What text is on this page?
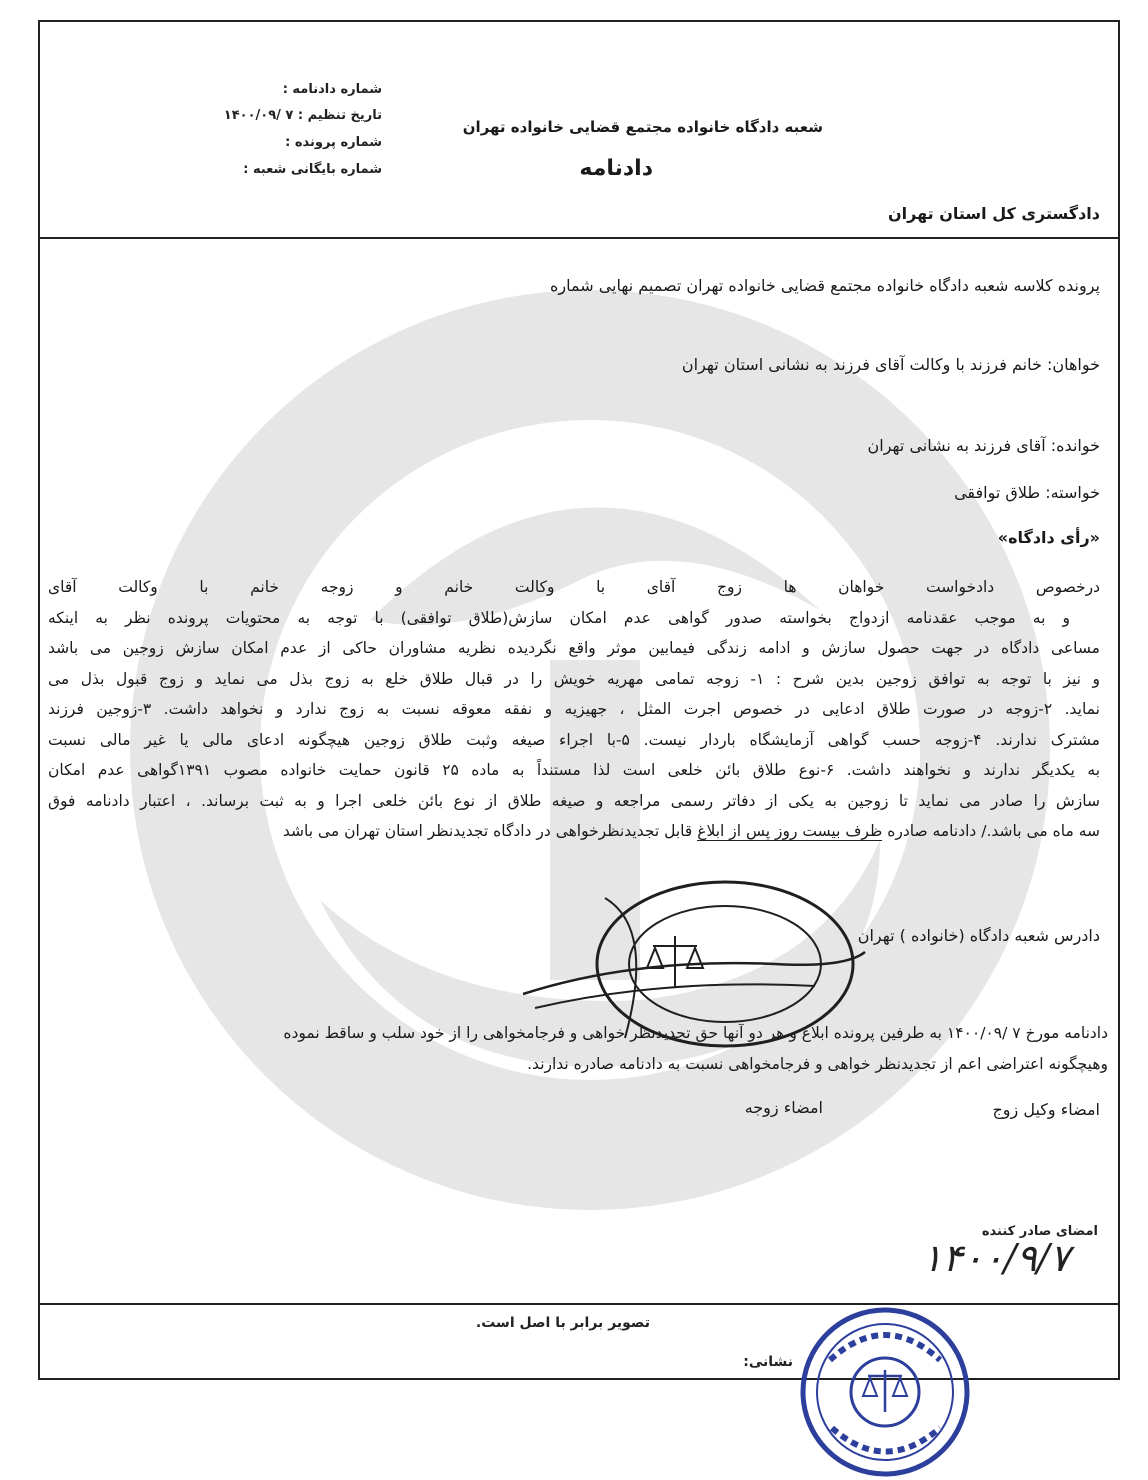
شماره دادنامه :
تاریخ تنظیم : ۷ /۱۴۰۰/۰۹
شماره پرونده :
شماره بایگانی شعبه :
شعبه دادگاه خانواده مجتمع قضایی خانواده تهران
دادنامه
دادگستری کل استان تهران
پرونده کلاسه شعبه دادگاه خانواده مجتمع قضایی خانواده تهران تصمیم نهایی شماره
خواهان: خانم فرزند با وکالت آقای فرزند به نشانی استان تهران
خوانده: آقای فرزند به نشانی تهران
خواسته: طلاق توافقی
«رأی دادگاه»
درخصوص دادخواست خواهان ها زوج آقای با وکالت خانم و زوجه خانم با وکالت آقای
و به موجب عقدنامه ازدواج بخواسته صدور گواهی عدم امکان سازش(طلاق توافقی) با توجه به محتویات پرونده نظر به اینکه
مساعی دادگاه در جهت حصول سازش و ادامه زندگی فیمابین موثر واقع نگردیده نظریه مشاوران حاکی از عدم امکان سازش زوجین می باشد
و نیز با توجه به توافق زوجین بدین شرح : ۱- زوجه تمامی مهریه خویش را در قبال طلاق خلع به زوج بذل می نماید و زوج قبول بذل می
نماید. ۲-زوجه در صورت طلاق ادعایی در خصوص اجرت المثل ، جهیزیه و نفقه معوقه نسبت به زوج ندارد و نخواهد داشت. ۳-زوجین فرزند
مشترک ندارند. ۴-زوجه حسب گواهی آزمایشگاه باردار نیست. ۵-با اجراء صیغه وثبت طلاق زوجین هیچگونه ادعای مالی یا غیر مالی نسبت
به یکدیگر ندارند و نخواهند داشت. ۶-نوع طلاق بائن خلعی است لذا مستنداً به ماده ۲۵ قانون حمایت خانواده مصوب ۱۳۹۱گواهی عدم امکان
سازش را صادر می نماید تا زوجین به یکی از دفاتر رسمی مراجعه و صیغه طلاق از نوع بائن خلعی اجرا و به ثبت برساند. ، اعتبار دادنامه فوق
سه ماه می باشد./ دادنامه صادره ظرف بیست روز پس از ابلاغ قابل تجدیدنظرخواهی در دادگاه تجدیدنظر استان تهران می باشد
دادرس شعبه دادگاه (خانواده ) تهران
دادنامه مورخ ۷ /۱۴۰۰/۰۹ به طرفین پرونده ابلاغ و هر دو آنها حق تجدیدنظر خواهی و فرجامخواهی را از خود سلب و ساقط نموده
وهیچگونه اعتراضی اعم از تجدیدنظر خواهی و فرجامخواهی نسبت به دادنامه صادره ندارند.
امضاء وکیل زوج
امضاء زوجه
امضای صادر کننده
۱۴۰۰/۹/۷
تصویر برابر با اصل است.
نشانی:
